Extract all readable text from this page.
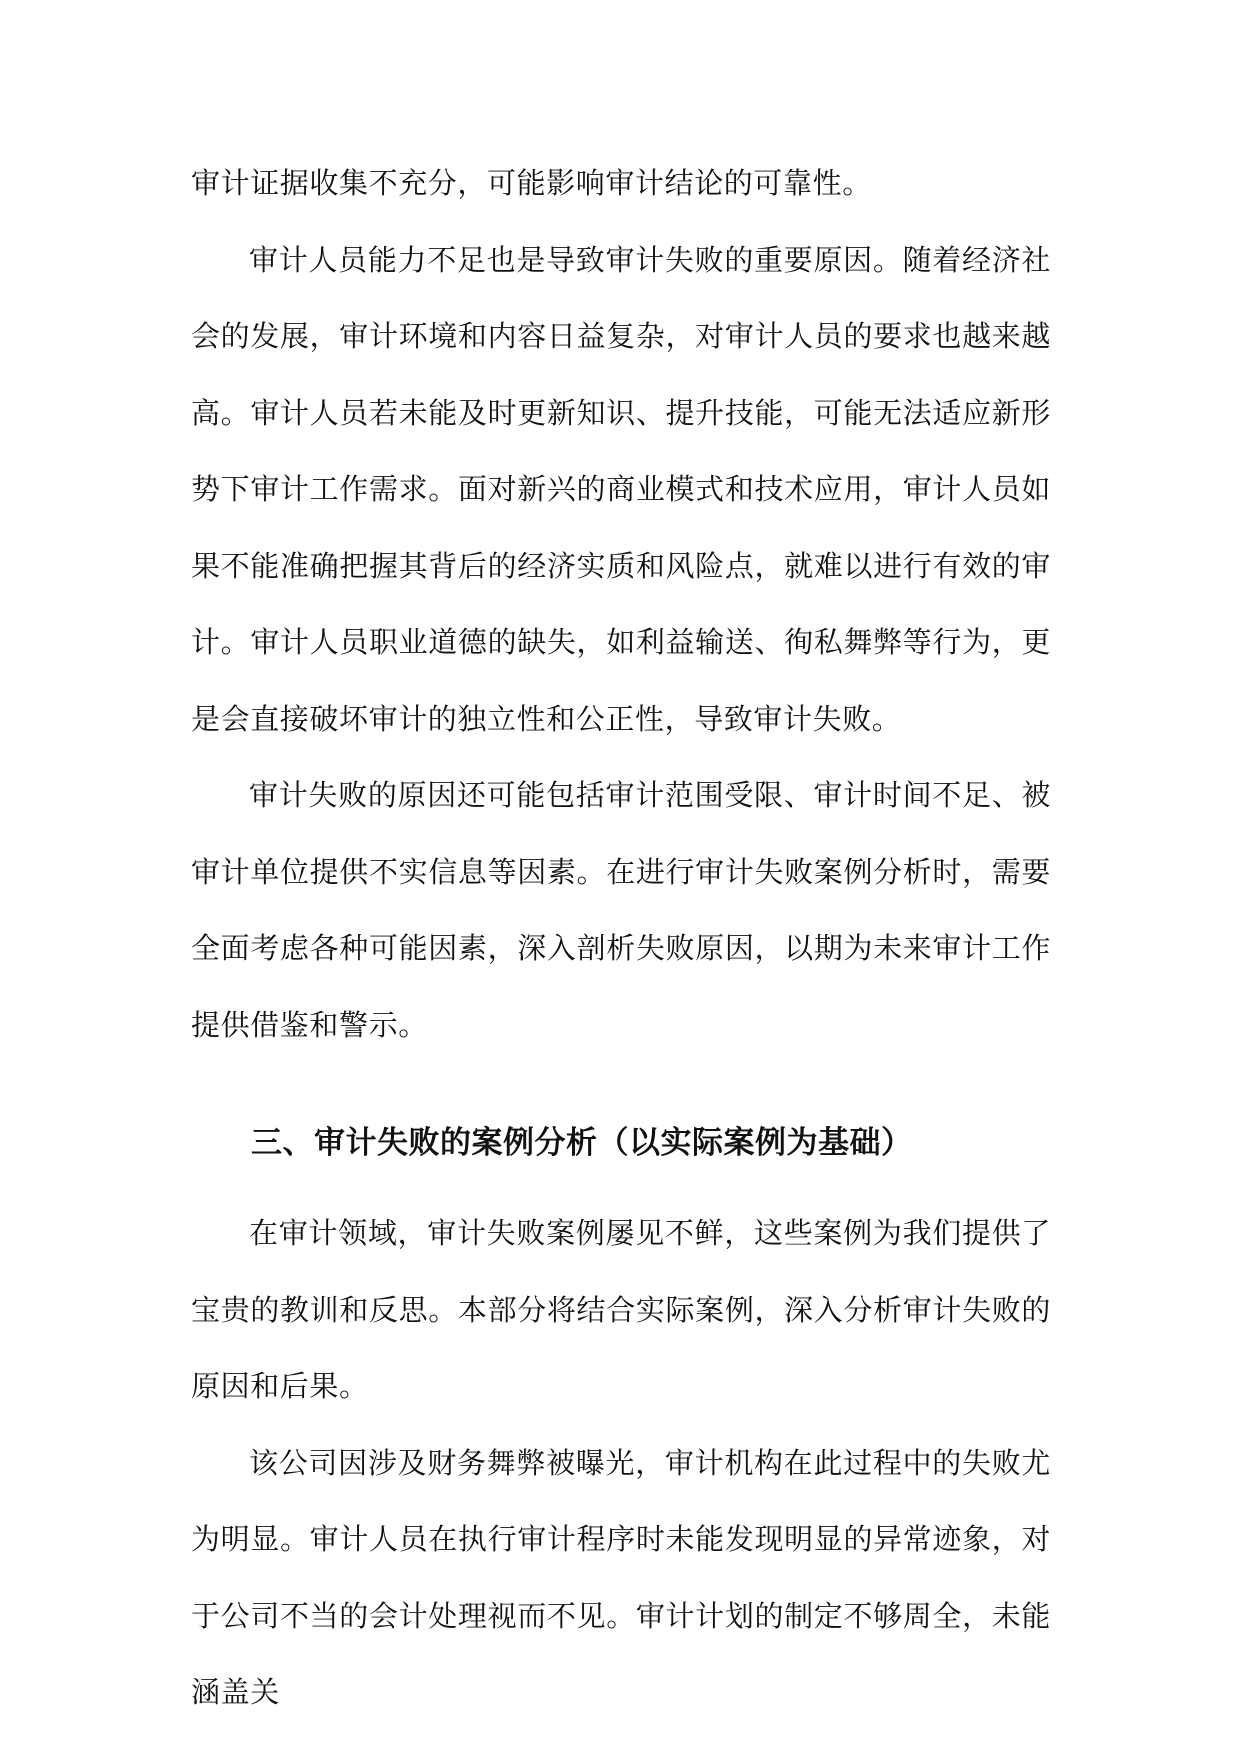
审计证据收集不充分，可能影响审计结论的可靠性。

审计人员能力不足也是导致审计失败的重要原因。随着经济社会的发展，审计环境和内容日益复杂，对审计人员的要求也越来越高。审计人员若未能及时更新知识、提升技能，可能无法适应新形势下审计工作需求。面对新兴的商业模式和技术应用，审计人员如果不能准确把握其背后的经济实质和风险点，就难以进行有效的审计。审计人员职业道德的缺失，如利益输送、徇私舞弊等行为，更是会直接破坏审计的独立性和公正性，导致审计失败。

审计失败的原因还可能包括审计范围受限、审计时间不足、被审计单位提供不实信息等因素。在进行审计失败案例分析时，需要全面考虑各种可能因素，深入剖析失败原因，以期为未来审计工作提供借鉴和警示。

三、审计失败的案例分析（以实际案例为基础）

在审计领域，审计失败案例屡见不鲜，这些案例为我们提供了宝贵的教训和反思。本部分将结合实际案例，深入分析审计失败的原因和后果。

该公司因涉及财务舞弊被曝光，审计机构在此过程中的失败尤为明显。审计人员在执行审计程序时未能发现明显的异常迹象，对于公司不当的会计处理视而不见。审计计划的制定不够周全，未能涵盖关
